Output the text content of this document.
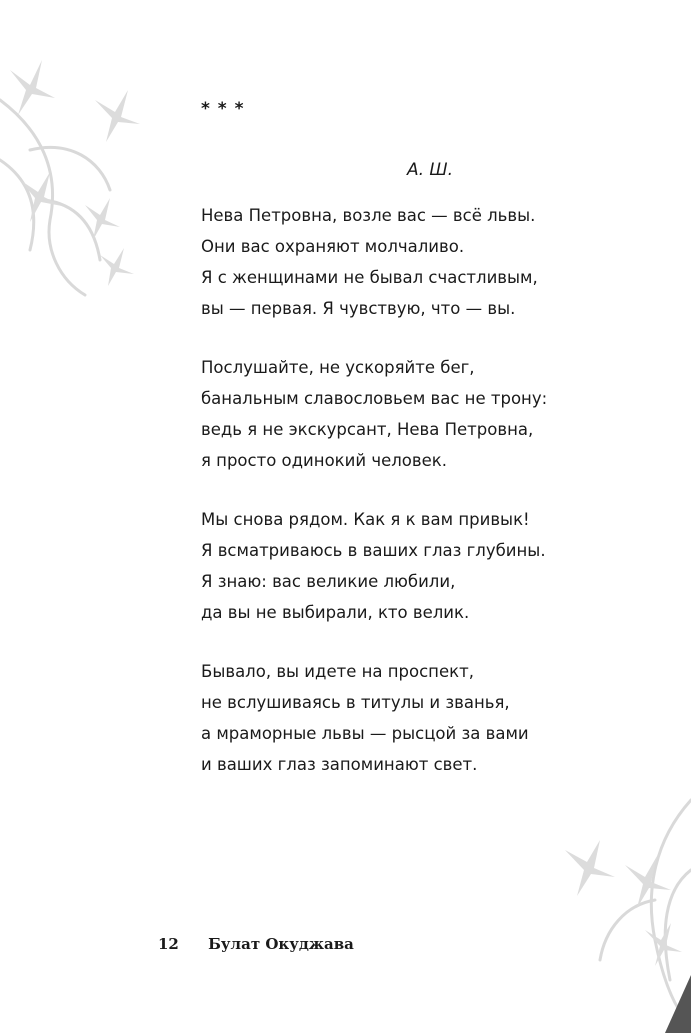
* * *
А. Ш.
Нева Петровна, возле вас — всё львы.
Они вас охраняют молчаливо.
Я с женщинами не бывал счастливым,
вы — первая. Я чувствую, что — вы.
Послушайте, не ускоряйте бег,
банальным славословьем вас не трону:
ведь я не экскурсант, Нева Петровна,
я просто одинокий человек.
Мы снова рядом. Как я к вам привык!
Я всматриваюсь в ваших глаз глубины.
Я знаю: вас великие любили,
да вы не выбирали, кто велик.
Бывало, вы идете на проспект,
не вслушиваясь в титулы и званья,
а мраморные львы — рысцой за вами
и ваших глаз запоминают свет.
12 Булат Окуджава
